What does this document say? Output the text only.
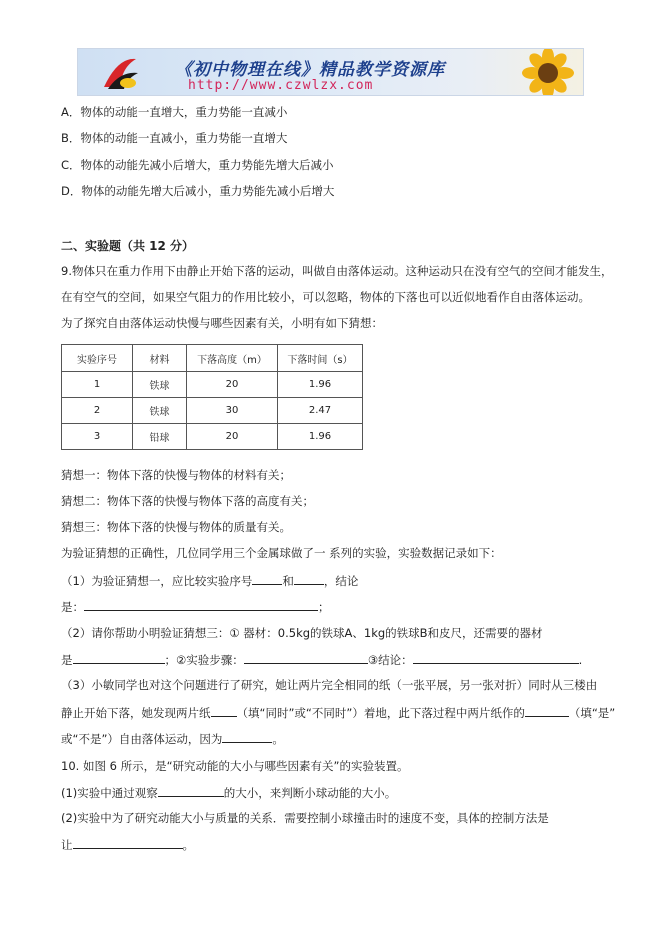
《初中物理在线》精品教学资源库
http://www.czwlzx.com
A．物体的动能一直增大，重力势能一直减小
B．物体的动能一直减小，重力势能一直增大
C．物体的动能先减小后增大，重力势能先增大后减小
D．物体的动能先增大后减小，重力势能先减小后增大
二、实验题（共 12 分）
9.物体只在重力作用下由静止开始下落的运动，叫做自由落体运动。这种运动只在没有空气的空间才能发生，
在有空气的空间，如果空气阻力的作用比较小，可以忽略，物体的下落也可以近似地看作自由落体运动。
为了探究自由落体运动快慢与哪些因素有关，小明有如下猜想：
实验序号	材料	下落高度（m）	下落时间（s）
1	铁球	20	1.96
2	铁球	30	2.47
3	铅球	20	1.96
猜想一：物体下落的快慢与物体的材料有关；
猜想二：物体下落的快慢与物体下落的高度有关；
猜想三：物体下落的快慢与物体的质量有关。
为验证猜想的正确性，几位同学用三个金属球做了一 系列的实验，实验数据记录如下：
（1）为验证猜想一，应比较实验序号	和	，结论
是：	；
（2）请你帮助小明验证猜想三：① 器材：0.5kg的铁球A、1kg的铁球B和皮尺，还需要的器材
是	；②实验步骤：	③结论：	.
（3）小敏同学也对这个问题进行了研究，她让两片完全相同的纸（一张平展，另一张对折）同时从三楼由
静止开始下落，她发现两片纸 （填“同时”或“不同时”）着地，此下落过程中两片纸作的	（填“是”
或“不是”）自由落体运动，因为	。
10. 如图 6 所示，是“研究动能的大小与哪些因素有关”的实验装置。
(1)实验中通过观察	的大小，来判断小球动能的大小。
(2)实验中为了研究动能大小与质量的关系．需要控制小球撞击时的速度不变，具体的控制方法是
让	。
